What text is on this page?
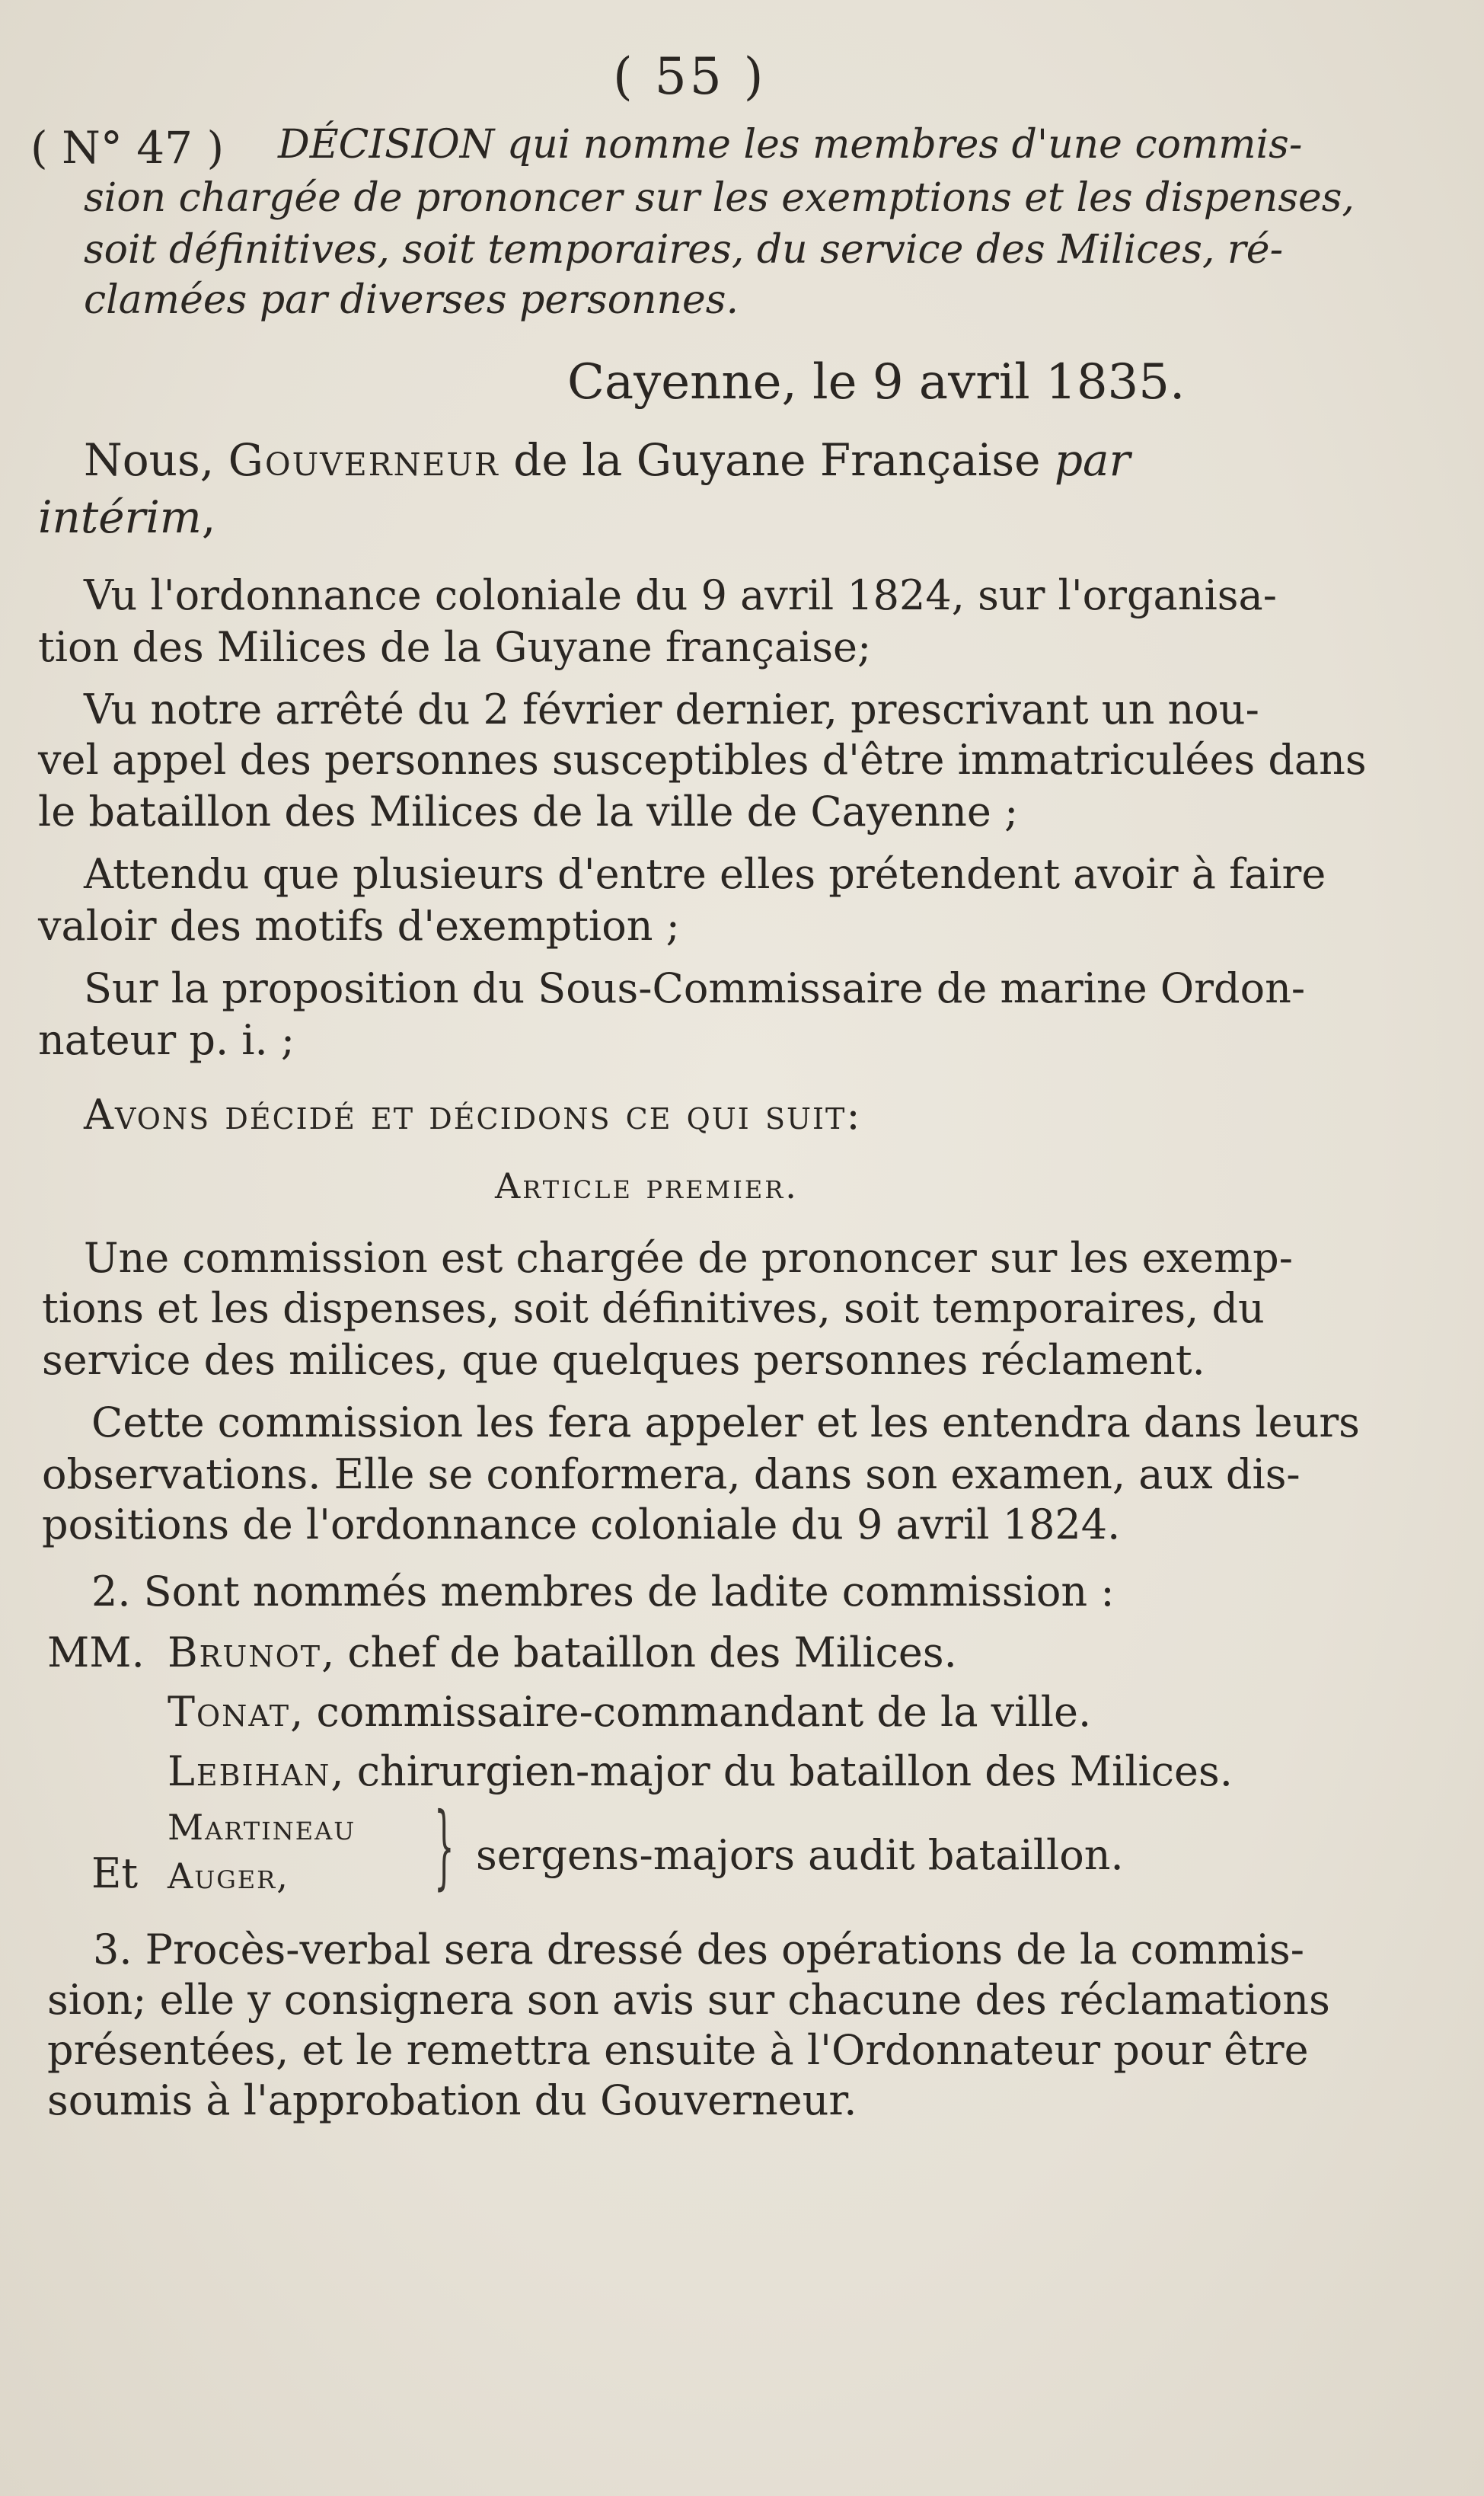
( 55 )
( N° 47 ) DÉCISION qui nomme les membres d'une commis-
sion chargée de prononcer sur les exemptions et les dispenses,
soit définitives, soit temporaires, du service des Milices, ré-
clamées par diverses personnes.
Cayenne, le 9 avril 1835.
Nous, Gouverneur de la Guyane Française par
intérim,
Vu l'ordonnance coloniale du 9 avril 1824, sur l'organisa-
tion des Milices de la Guyane française;
Vu notre arrêté du 2 février dernier, prescrivant un nou-
vel appel des personnes susceptibles d'être immatriculées dans
le bataillon des Milices de la ville de Cayenne ;
Attendu que plusieurs d'entre elles prétendent avoir à faire
valoir des motifs d'exemption ;
Sur la proposition du Sous-Commissaire de marine Ordon-
nateur p. i. ;
Avons décidé et décidons ce qui suit:
Article premier.
Une commission est chargée de prononcer sur les exemp-
tions et les dispenses, soit définitives, soit temporaires, du
service des milices, que quelques personnes réclament.
Cette commission les fera appeler et les entendra dans leurs
observations. Elle se conformera, dans son examen, aux dis-
positions de l'ordonnance coloniale du 9 avril 1824.
2. Sont nommés membres de ladite commission :
MM. Brunot, chef de bataillon des Milices.
Tonat, commissaire-commandant de la ville.
Lebihan, chirurgien-major du bataillon des Milices.
Martineau
Et Auger, } sergens-majors audit bataillon.
3. Procès-verbal sera dressé des opérations de la commis-
sion; elle y consignera son avis sur chacune des réclamations
présentées, et le remettra ensuite à l'Ordonnateur pour être
soumis à l'approbation du Gouverneur.
